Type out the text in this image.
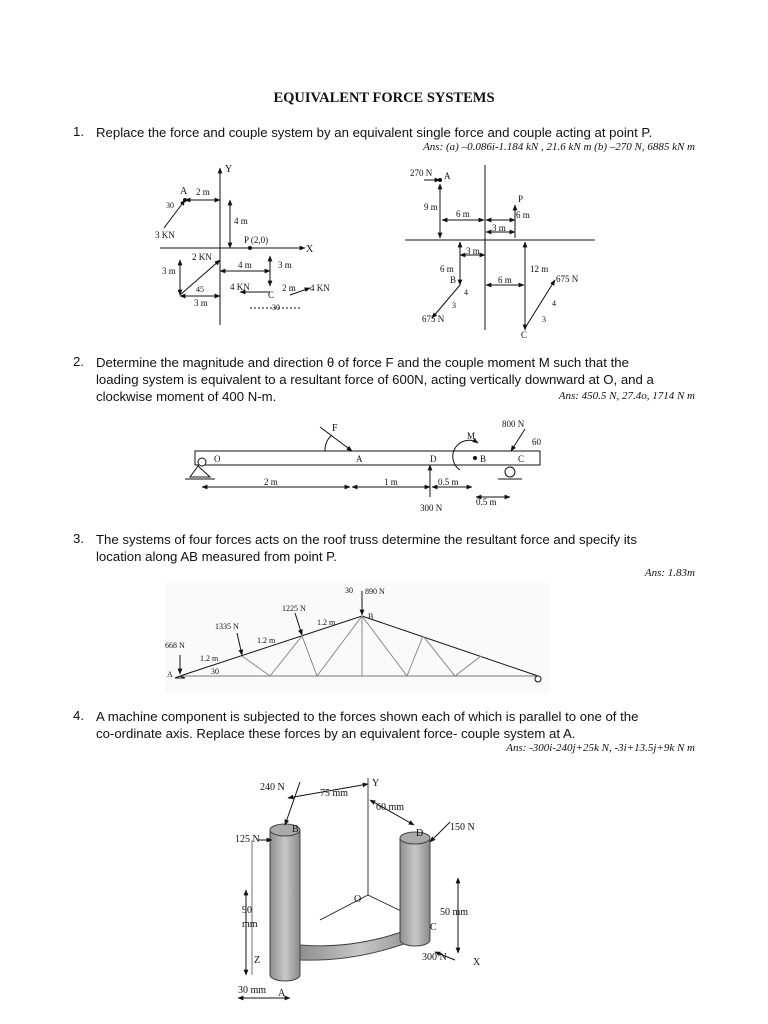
EQUIVALENT FORCE SYSTEMS
1. Replace the force and couple system by an equivalent single force and couple acting at point P.
Ans: (a) –0.086i-1.184 kN , 21.6 kN m (b) –270 N, 6885 kN m
Y
X
A 2 m
30
3 KN
4 m
P (2,0)
2 KN
3 m
45
3 m
4 m	3 m
4 KN
C
2 m 4 KN
30
270 N A
9 m
6 m
P
6 m
3 m
3 m
6 m
B
4
3
675 N
12 m
6 m	675 N
4
3
C
2. Determine the magnitude and direction θ of force F and the couple moment M such that the
loading system is equivalent to a resultant force of 600N, acting vertically downward at O, and a
clockwise moment of 400 N-m.	Ans: 450.5 N, 27.4o, 1714 N m
O	A
F
D	B
M
C
800 N
60
300 N
2 m	1 m	0.5 m
0.5 m
3. The systems of four forces acts on the roof truss determine the resultant force and specify its
location along AB measured from point P.
Ans: 1.83m
668 N
1335 N
1225 N
30 890 N
B
1.2 m
1.2 m
1.2 m
A	30
4. A machine component is subjected to the forces shown each of which is parallel to one of the
co-ordinate axis. Replace these forces by an equivalent force- couple system at A.
Ans: -300i-240j+25k N, -3i+13.5j+9k N m
240 N
75 mm
Y
60 mm
125 N
B	D
150 N
O
90
mm
50 mm
C
Z	300 N	X
30 mm A
